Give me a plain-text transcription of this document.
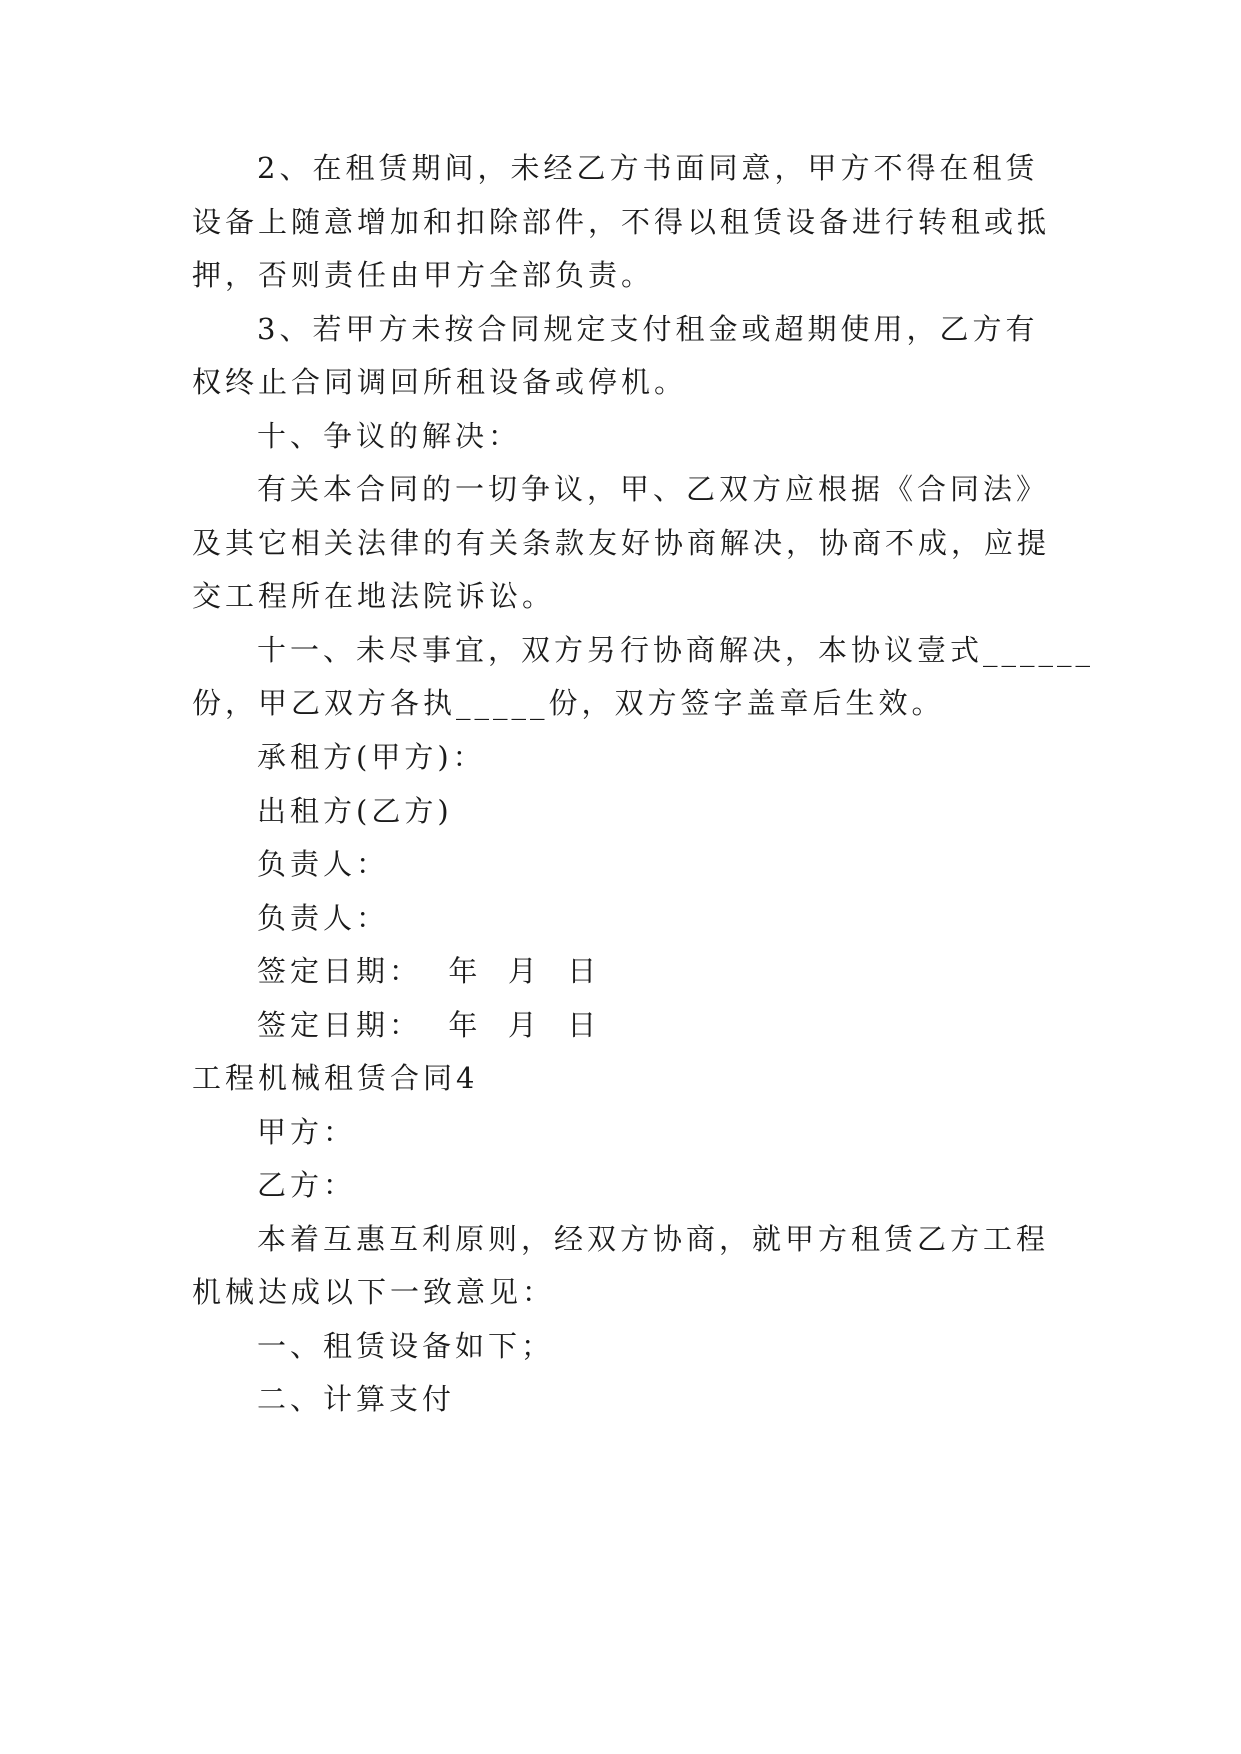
2、在租赁期间，未经乙方书面同意，甲方不得在租赁

设备上随意增加和扣除部件，不得以租赁设备进行转租或抵

押，否则责任由甲方全部负责。

3、若甲方未按合同规定支付租金或超期使用，乙方有

权终止合同调回所租设备或停机。

十、争议的解决：

有关本合同的一切争议，甲、乙双方应根据《合同法》

及其它相关法律的有关条款友好协商解决，协商不成，应提

交工程所在地法院诉讼。

十一、未尽事宜，双方另行协商解决，本协议壹式______

份，甲乙双方各执_____份，双方签字盖章后生效。

承租方(甲方)：

出租方(乙方)

负责人：

负责人：

签定日期：  年  月  日

签定日期：  年  月  日

工程机械租赁合同4

甲方：

乙方：

本着互惠互利原则，经双方协商，就甲方租赁乙方工程

机械达成以下一致意见：

一、租赁设备如下；

二、计算支付
